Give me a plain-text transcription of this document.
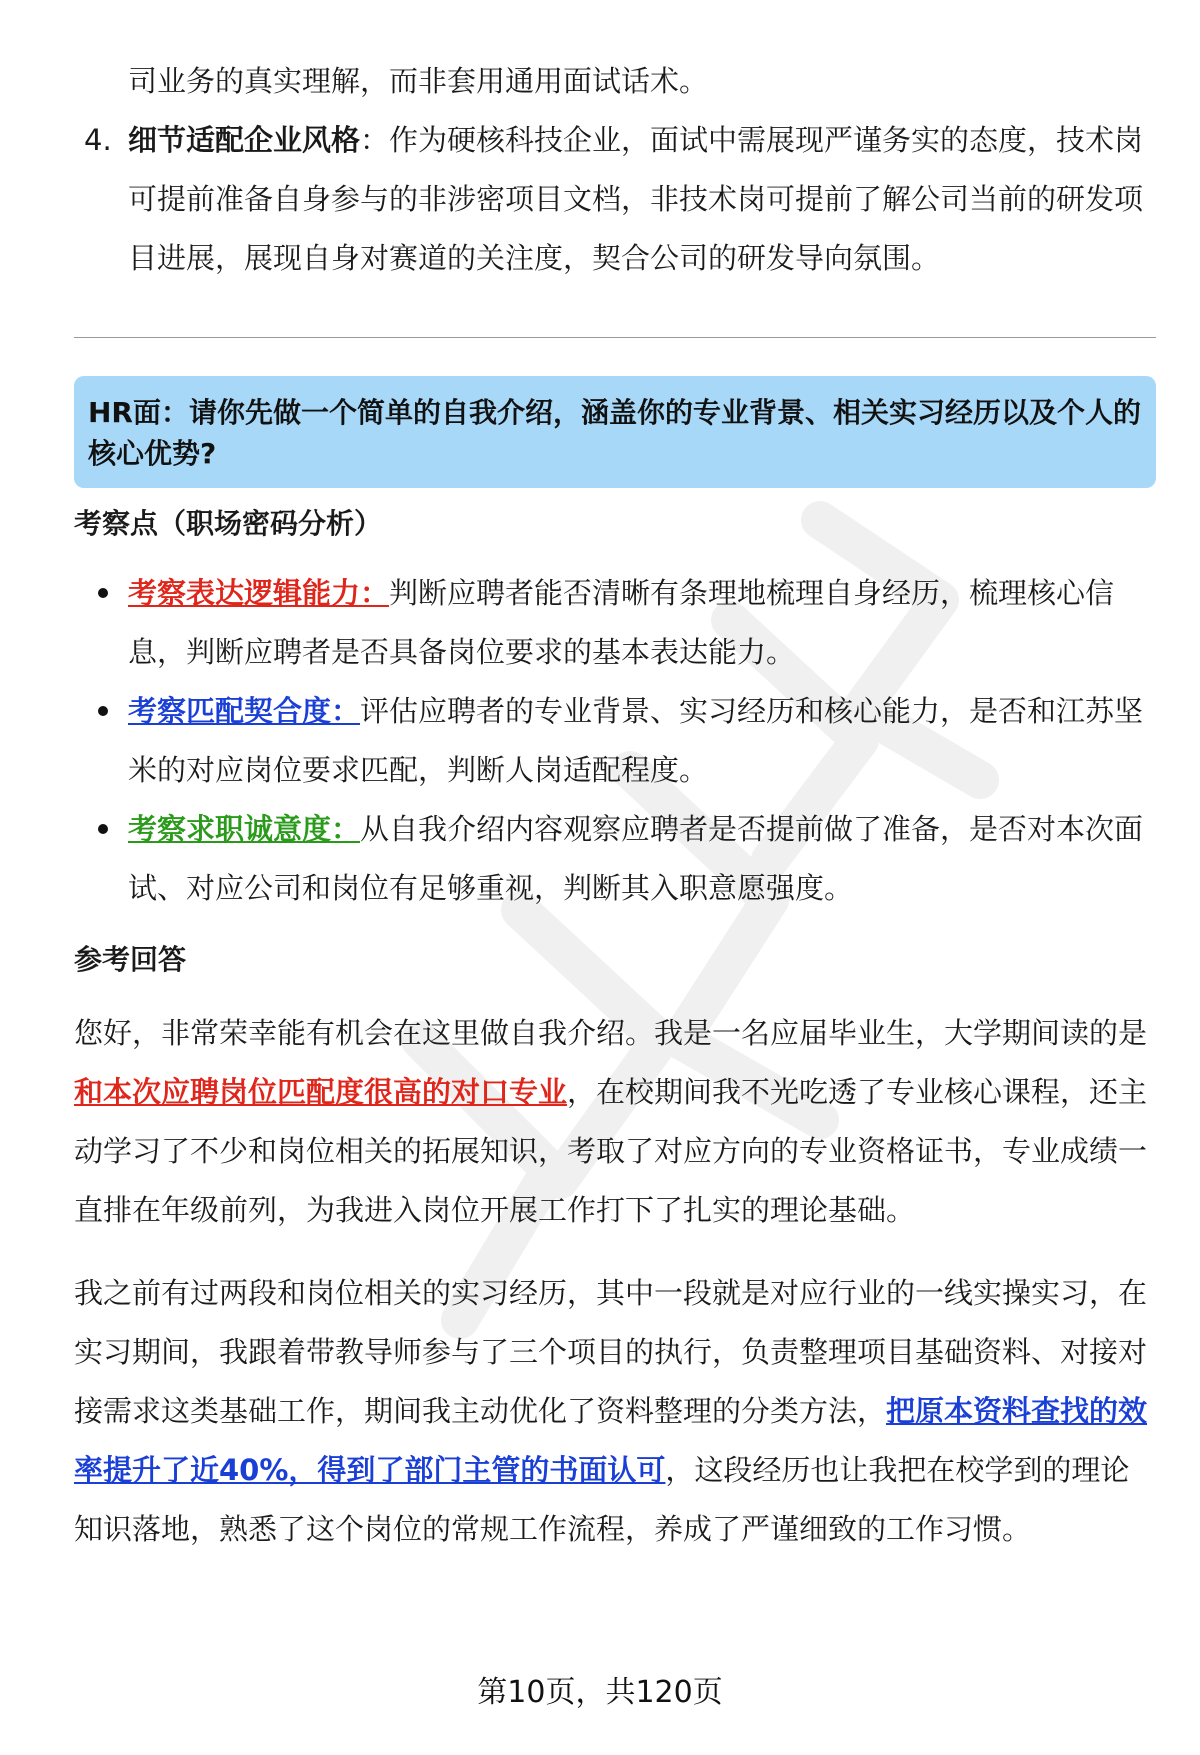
司业务的真实理解，而非套用通用面试话术。

4. 细节适配企业风格：作为硬核科技企业，面试中需展现严谨务实的态度，技术岗可提前准备自身参与的非涉密项目文档，非技术岗可提前了解公司当前的研发项目进展，展现自身对赛道的关注度，契合公司的研发导向氛围。
HR面：请你先做一个简单的自我介绍，涵盖你的专业背景、相关实习经历以及个人的核心优势?
考察点（职场密码分析）
考察表达逻辑能力：判断应聘者能否清晰有条理地梳理自身经历，梳理核心信息，判断应聘者是否具备岗位要求的基本表达能力。
考察匹配契合度：评估应聘者的专业背景、实习经历和核心能力，是否和江苏坚米的对应岗位要求匹配，判断人岗适配程度。
考察求职诚意度：从自我介绍内容观察应聘者是否提前做了准备，是否对本次面试、对应公司和岗位有足够重视，判断其入职意愿强度。
参考回答

您好，非常荣幸能有机会在这里做自我介绍。我是一名应届毕业生，大学期间读的是和本次应聘岗位匹配度很高的对口专业，在校期间我不光吃透了专业核心课程，还主动学习了不少和岗位相关的拓展知识，考取了对应方向的专业资格证书，专业成绩一直排在年级前列，为我进入岗位开展工作打下了扎实的理论基础。

我之前有过两段和岗位相关的实习经历，其中一段就是对应行业的一线实操实习，在实习期间，我跟着带教导师参与了三个项目的执行，负责整理项目基础资料、对接对接需求这类基础工作，期间我主动优化了资料整理的分类方法，把原本资料查找的效率提升了近40%，得到了部门主管的书面认可，这段经历也让我把在校学到的理论知识落地，熟悉了这个岗位的常规工作流程，养成了严谨细致的工作习惯。

第10页，共120页
